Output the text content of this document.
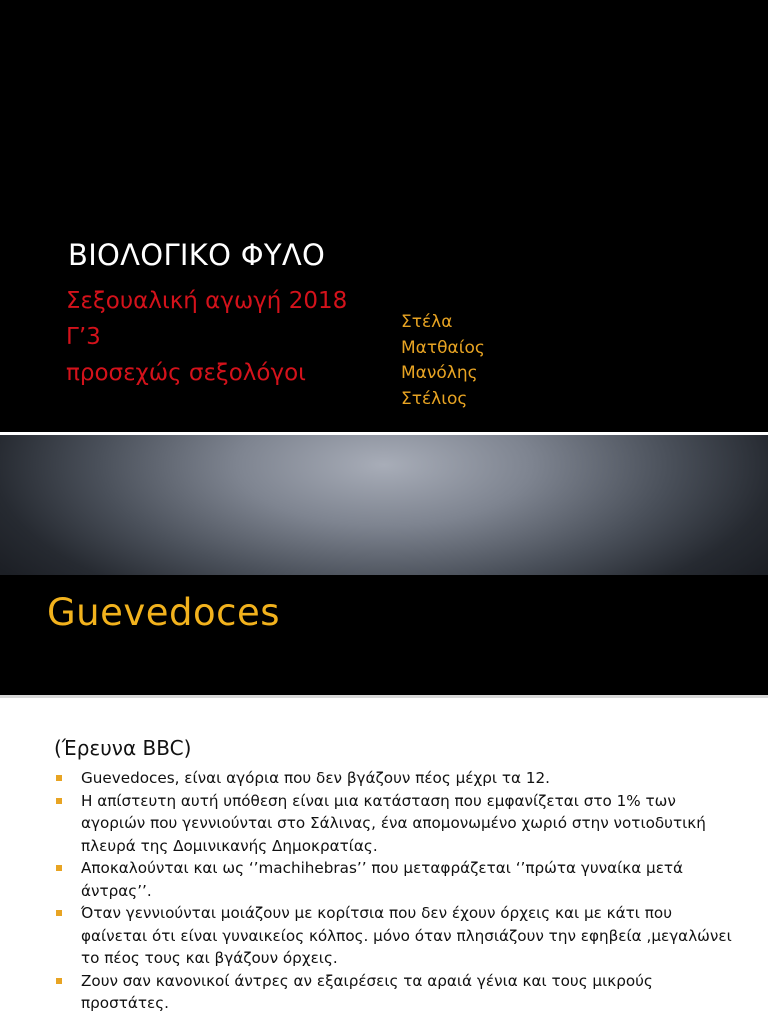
ΒΙΟΛΟΓΙΚΟ ΦΥΛΟ
Σεξουαλική αγωγή 2018
Γ’3
προσεχώς σεξολόγοι
Στέλα
Ματθαίος
Μανόλης
Στέλιος
Guevedoces
(Έρευνα BBC)
Guevedoces, είναι αγόρια που δεν βγάζουν πέος μέχρι τα 12.
Η απίστευτη αυτή υπόθεση είναι μια κατάσταση που εμφανίζεται στο 1% των αγοριών που γεννιούνται στο Σάλινας, ένα απομονωμένο χωριό στην νοτιοδυτική πλευρά της Δομινικανής Δημοκρατίας.
Αποκαλούνται και ως ‘’machihebras’’ που μεταφράζεται ‘’πρώτα γυναίκα μετά άντρας’’.
Όταν γεννιούνται μοιάζουν με κορίτσια που δεν έχουν όρχεις και με κάτι που φαίνεται ότι είναι γυναικείος κόλπος. μόνο όταν πλησιάζουν την εφηβεία ,μεγαλώνει το πέος τους και βγάζουν όρχεις.
Ζουν σαν κανονικοί άντρες αν εξαιρέσεις τα αραιά γένια και τους μικρούς προστάτες.
